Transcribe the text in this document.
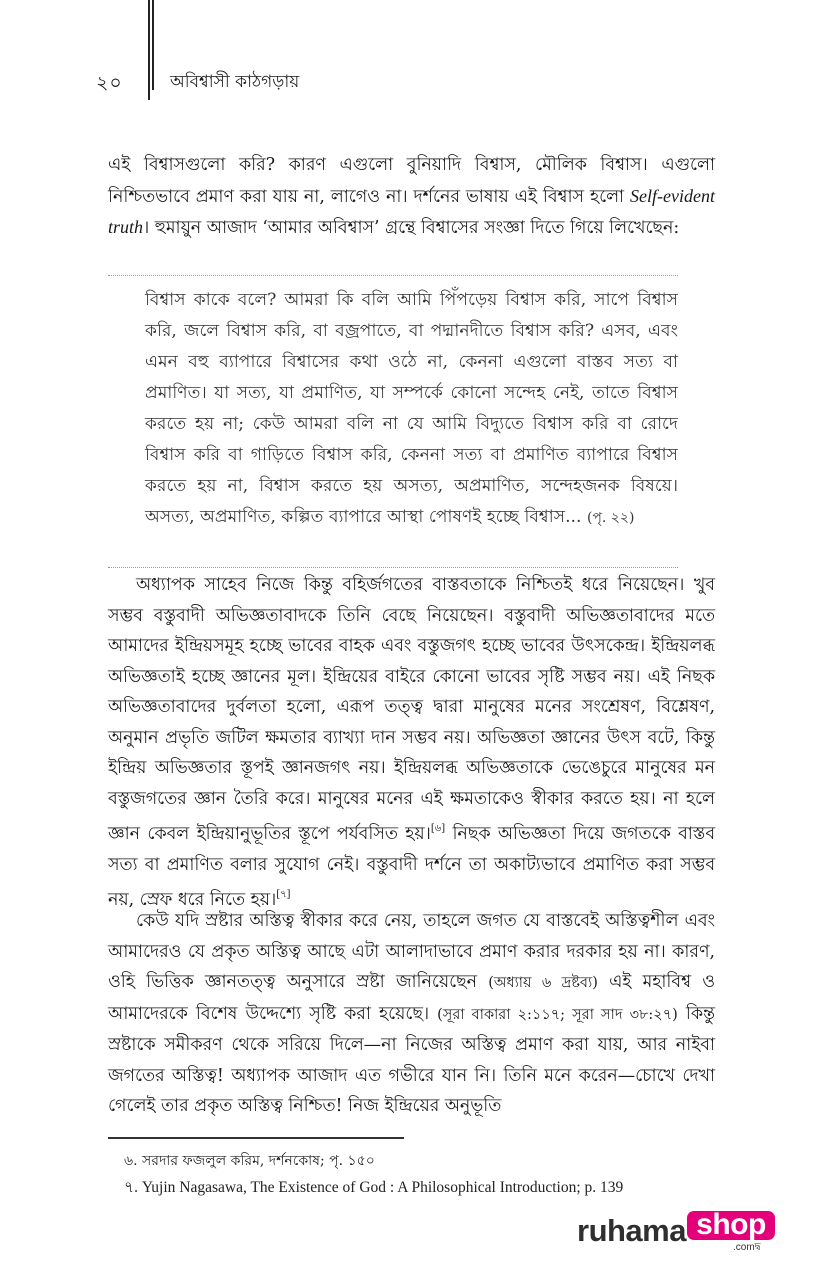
২০	অবিশ্বাসী কাঠগড়ায়
এই বিশ্বাসগুলো করি? কারণ এগুলো বুনিয়াদি বিশ্বাস, মৌলিক বিশ্বাস। এগুলো নিশ্চিতভাবে প্রমাণ করা যায় না, লাগেও না। দর্শনের ভাষায় এই বিশ্বাস হলো Self-evident truth। হুমায়ুন আজাদ ‘আমার অবিশ্বাস’ গ্রন্থে বিশ্বাসের সংজ্ঞা দিতে গিয়ে লিখেছেন:
বিশ্বাস কাকে বলে? আমরা কি বলি আমি পিঁপড়েয় বিশ্বাস করি, সাপে বিশ্বাস করি, জলে বিশ্বাস করি, বা বজ্রপাতে, বা পদ্মানদীতে বিশ্বাস করি? এসব, এবং এমন বহু ব্যাপারে বিশ্বাসের কথা ওঠে না, কেননা এগুলো বাস্তব সত্য বা প্রমাণিত। যা সত্য, যা প্রমাণিত, যা সম্পর্কে কোনো সন্দেহ নেই, তাতে বিশ্বাস করতে হয় না; কেউ আমরা বলি না যে আমি বিদ্যুতে বিশ্বাস করি বা রোদে বিশ্বাস করি বা গাড়িতে বিশ্বাস করি, কেননা সত্য বা প্রমাণিত ব্যাপারে বিশ্বাস করতে হয় না, বিশ্বাস করতে হয় অসত্য, অপ্রমাণিত, সন্দেহজনক বিষয়ে। অসত্য, অপ্রমাণিত, কল্পিত ব্যাপারে আস্থা পোষণই হচ্ছে বিশ্বাস... (পৃ. ২২)
অধ্যাপক সাহেব নিজে কিন্তু বহির্জগতের বাস্তবতাকে নিশ্চিতই ধরে নিয়েছেন। খুব সম্ভব বস্তুবাদী অভিজ্ঞতাবাদকে তিনি বেছে নিয়েছেন। বস্তুবাদী অভিজ্ঞতাবাদের মতে আমাদের ইন্দ্রিয়সমূহ হচ্ছে ভাবের বাহক এবং বস্তুজগৎ হচ্ছে ভাবের উৎসকেন্দ্র। ইন্দ্রিয়লব্ধ অভিজ্ঞতাই হচ্ছে জ্ঞানের মূল। ইন্দ্রিয়ের বাইরে কোনো ভাবের সৃষ্টি সম্ভব নয়। এই নিছক অভিজ্ঞতাবাদের দুর্বলতা হলো, এরূপ তত্ত্ব দ্বারা মানুষের মনের সংশ্রেষণ, বিশ্লেষণ, অনুমান প্রভৃতি জটিল ক্ষমতার ব্যাখ্যা দান সম্ভব নয়। অভিজ্ঞতা জ্ঞানের উৎস বটে, কিন্তু ইন্দ্রিয় অভিজ্ঞতার স্তূপই জ্ঞানজগৎ নয়। ইন্দ্রিয়লব্ধ অভিজ্ঞতাকে ভেঙেচুরে মানুষের মন বস্তুজগতের জ্ঞান তৈরি করে। মানুষের মনের এই ক্ষমতাকেও স্বীকার করতে হয়। না হলে জ্ঞান কেবল ইন্দ্রিয়ানুভূতির স্তূপে পর্যবসিত হয়।[৬] নিছক অভিজ্ঞতা দিয়ে জগতকে বাস্তব সত্য বা প্রমাণিত বলার সুযোগ নেই। বস্তুবাদী দর্শনে তা অকাট্যভাবে প্রমাণিত করা সম্ভব নয়, স্রেফ ধরে নিতে হয়।[৭]
কেউ যদি স্রষ্টার অস্তিত্ব স্বীকার করে নেয়, তাহলে জগত যে বাস্তবেই অস্তিত্বশীল এবং আমাদেরও যে প্রকৃত অস্তিত্ব আছে এটা আলাদাভাবে প্রমাণ করার দরকার হয় না। কারণ, ওহি ভিত্তিক জ্ঞানতত্ত্ব অনুসারে স্রষ্টা জানিয়েছেন (অধ্যায় ৬ দ্রষ্টব্য) এই মহাবিশ্ব ও আমাদেরকে বিশেষ উদ্দেশ্যে সৃষ্টি করা হয়েছে। (সূরা বাকারা ২:১১৭; সূরা সাদ ৩৮:২৭) কিন্তু স্রষ্টাকে সমীকরণ থেকে সরিয়ে দিলে—না নিজের অস্তিত্ব প্রমাণ করা যায়, আর নাইবা জগতের অস্তিত্ব! অধ্যাপক আজাদ এত গভীরে যান নি। তিনি মনে করেন—চোখে দেখা গেলেই তার প্রকৃত অস্তিত্ব নিশ্চিত! নিজ ইন্দ্রিয়ের অনুভূতি
৬. সরদার ফজলুল করিম, দর্শনকোষ; পৃ. ১৫০
৭. Yujin Nagasawa, The Existence of God : A Philosophical Introduction; p. 139
ruhama shop
.comদ্ব
